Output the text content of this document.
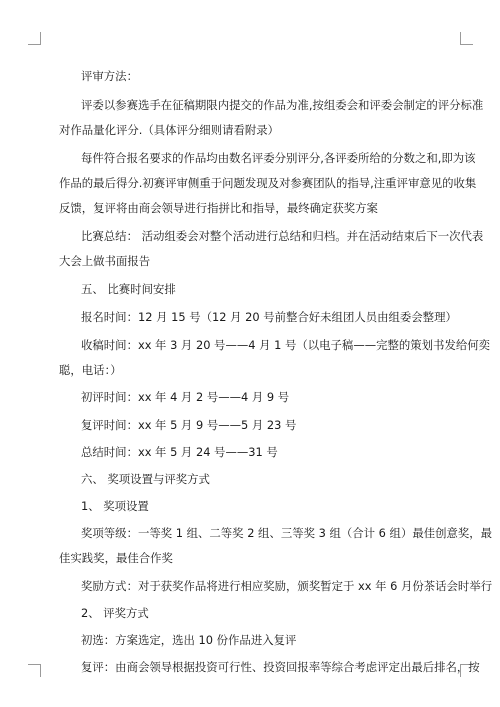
评审方法：
评委以参赛选手在征稿期限内提交的作品为准,按组委会和评委会制定的评分标准
对作品量化评分.（具体评分细则请看附录）
每件符合报名要求的作品均由数名评委分别评分,各评委所给的分数之和,即为该
作品的最后得分.初赛评审侧重于问题发现及对参赛团队的指导,注重评审意见的收集
反馈，复评将由商会领导进行指拼比和指导，最终确定获奖方案
比赛总结： 活动组委会对整个活动进行总结和归档。并在活动结束后下一次代表
大会上做书面报告
五、 比赛时间安排
报名时间：12 月 15 号（12 月 20 号前整合好未组团人员由组委会整理）
收稿时间：xx 年 3 月 20 号——4 月 1 号（以电子稿——完整的策划书发给何奕
聪，电话：）
初评时间：xx 年 4 月 2 号——4 月 9 号
复评时间：xx 年 5 月 9 号——5 月 23 号
总结时间：xx 年 5 月 24 号——31 号
六、 奖项设置与评奖方式
1、 奖项设置
奖项等级：一等奖 1 组、二等奖 2 组、三等奖 3 组（合计 6 组）最佳创意奖，最
佳实践奖，最佳合作奖
奖励方式：对于获奖作品将进行相应奖励，颁奖暂定于 xx 年 6 月份茶话会时举行
2、 评奖方式
初选：方案选定，选出 10 份作品进入复评
复评：由商会领导根据投资可行性、投资回报率等综合考虑评定出最后排名，按
